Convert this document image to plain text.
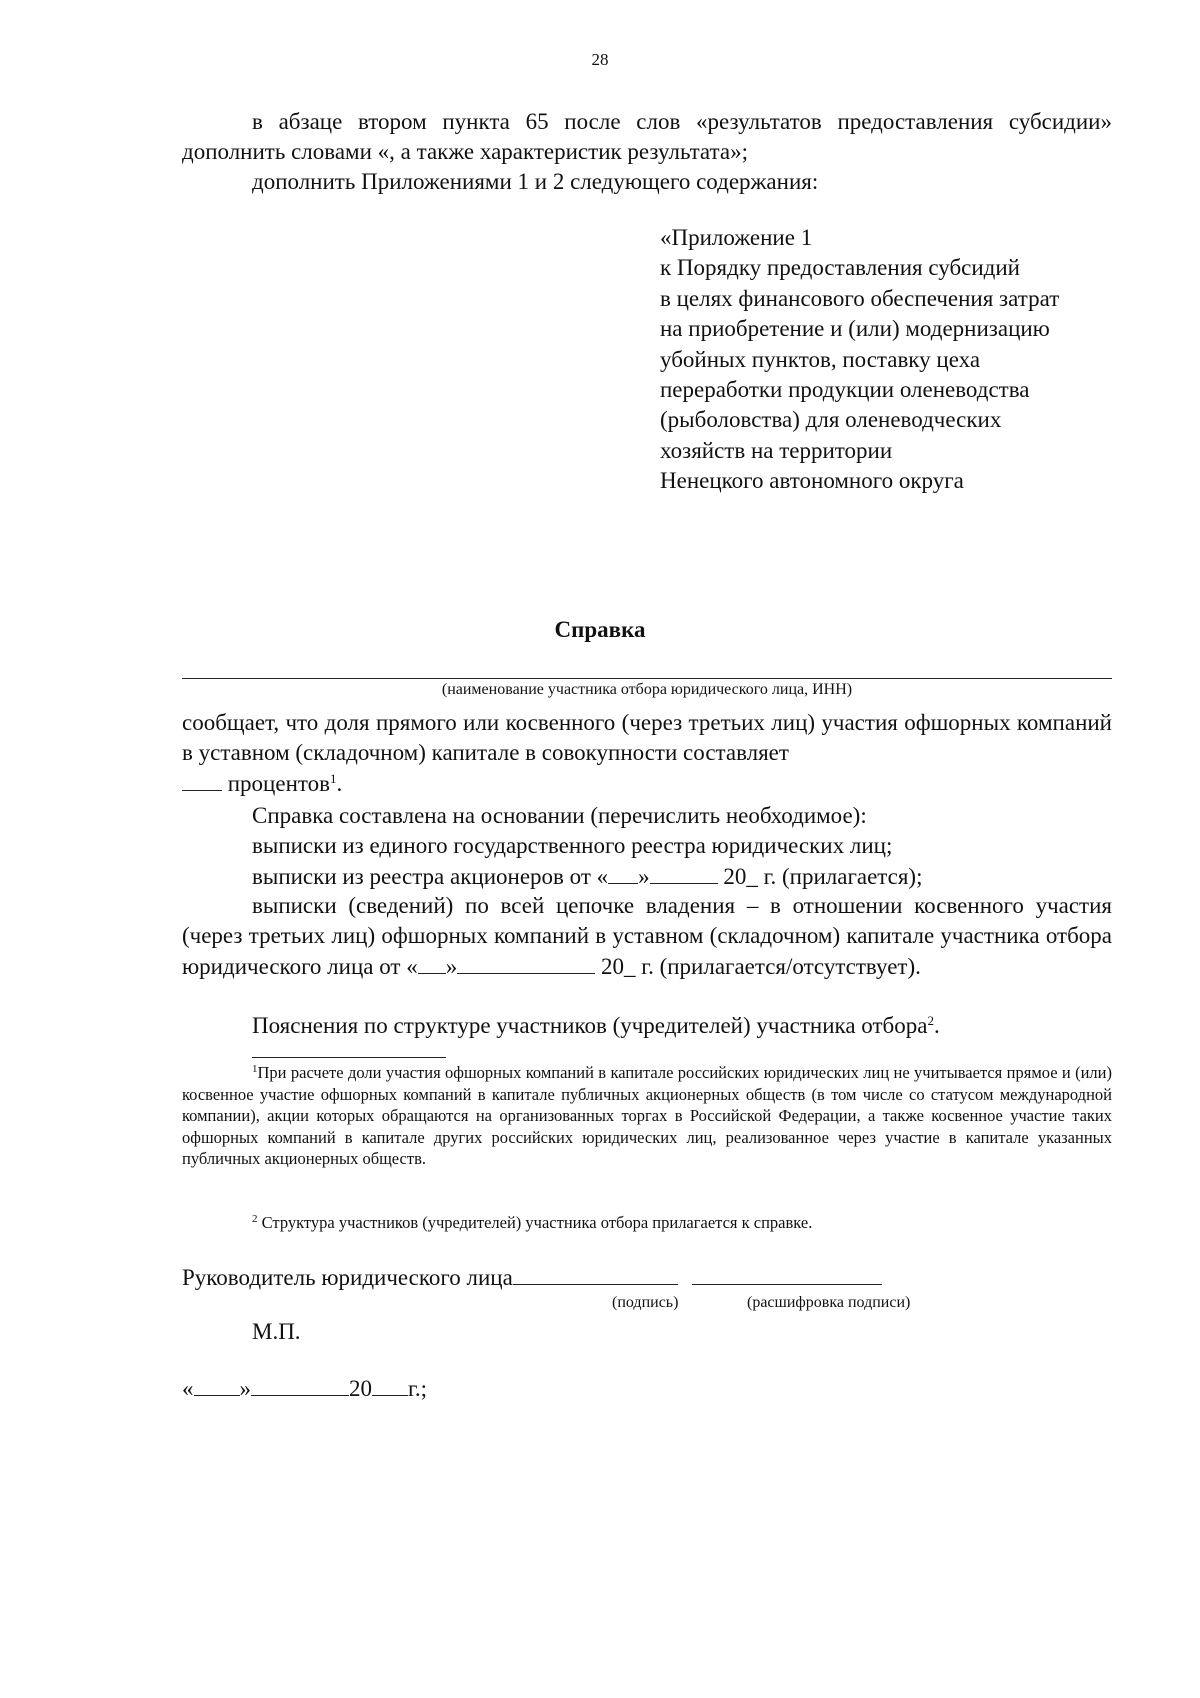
28

в абзаце втором пункта 65 после слов «результатов предоставления субсидии» дополнить словами «, а также характеристик результата»;

дополнить Приложениями 1 и 2 следующего содержания:

«Приложение 1
к Порядку предоставления субсидий
в целях финансового обеспечения затрат
на приобретение и (или) модернизацию
убойных пунктов, поставку цеха
переработки продукции оленеводства
(рыболовства) для оленеводческих
хозяйств на территории
Ненецкого автономного округа
Справка
(наименование участника отбора юридического лица, ИНН)

сообщает, что доля прямого или косвенного (через третьих лиц) участия офшорных компаний в уставном (складочном) капитале в совокупности составляет
процентов$^1$.

Справка составлена на основании (перечислить необходимое):

выписки из единого государственного реестра юридических лиц;

выписки из реестра акционеров от « »	20_ г. (прилагается);

выписки (сведений) по всей цепочке владения – в отношении косвенного участия (через третьих лиц) офшорных компаний в уставном (складочном) капитале участника отбора юридического лица от « »	20_ г. (прилагается/отсутствует).

Пояснения по структуре участников (учредителей) участника отбора$^2$.

$^1$При расчете доли участия офшорных компаний в капитале российских юридических лиц не учитывается прямое и (или) косвенное участие офшорных компаний в капитале публичных акционерных обществ (в том числе со статусом международной компании), акции которых обращаются на организованных торгах в Российской Федерации, а также косвенное участие таких офшорных компаний в капитале других российских юридических лиц, реализованное через участие в капитале указанных публичных акционерных обществ.

$^2$ Структура участников (учредителей) участника отбора прилагается к справке.

Руководитель юридического лица
(подпись)	(расшифровка подписи)
М.П.
« »	20 г.;
